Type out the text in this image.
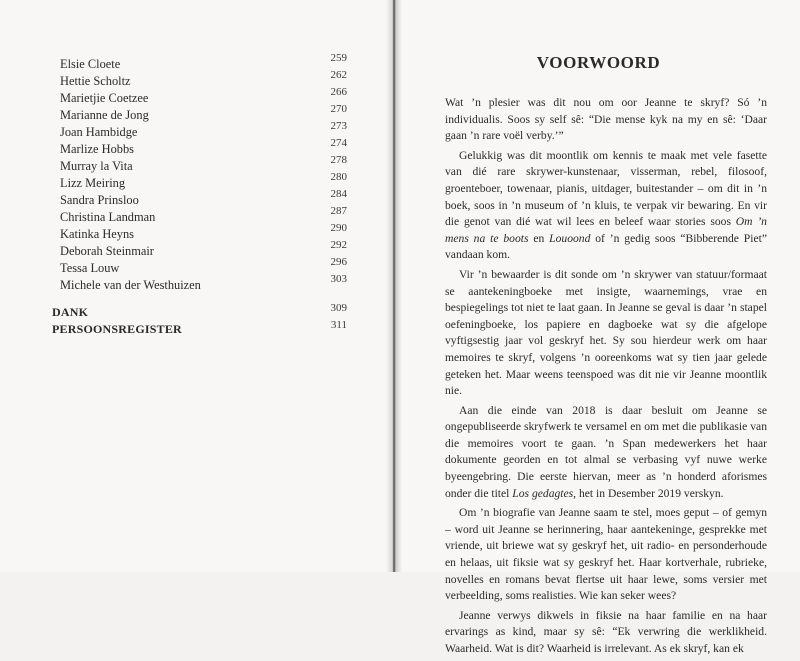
Elsie Cloete	259
Hettie Scholtz	262
Marietjie Coetzee	266
Marianne de Jong	270
Joan Hambidge	273
Marlize Hobbs	274
Murray la Vita	278
Lizz Meiring	280
Sandra Prinsloo	284
Christina Landman	287
Katinka Heyns	290
Deborah Steinmair	292
Tessa Louw	296
Michele van der Westhuizen	303
DANK	309
PERSOONSREGISTER	311
VOORWOORD

Wat ’n plesier was dit nou om oor Jeanne te skryf? Só ’n individualis. Soos sy self sê: “Die mense kyk na my en sê: ‘Daar gaan ’n rare voël verby.’”

Gelukkig was dit moontlik om kennis te maak met vele fasette van dié rare skrywer-kunstenaar, visserman, rebel, filosoof, groenteboer, towenaar, pianis, uitdager, buitestander – om dit in ’n boek, soos in ’n museum of ’n kluis, te verpak vir bewaring. En vir die genot van dié wat wil lees en beleef waar stories soos Om ’n mens na te boots en Louoond of ’n gedig soos “Bibberende Piet” vandaan kom.

Vir ’n bewaarder is dit sonde om ’n skrywer van statuur/formaat se aantekeningboeke met insigte, waarnemings, vrae en bespiegelings tot niet te laat gaan. In Jeanne se geval is daar ’n stapel oefeningboeke, los papiere en dagboeke wat sy die afgelope vyftigsestig jaar vol geskryf het. Sy sou hierdeur werk om haar memoires te skryf, volgens ’n ooreenkoms wat sy tien jaar gelede geteken het. Maar weens teenspoed was dit nie vir Jeanne moontlik nie.

Aan die einde van 2018 is daar besluit om Jeanne se ongepubliseerde skryfwerk te versamel en om met die publikasie van die memoires voort te gaan. ’n Span medewerkers het haar dokumente georden en tot almal se verbasing vyf nuwe werke byeengebring. Die eerste hiervan, meer as ’n honderd aforismes onder die titel Los gedagtes, het in Desember 2019 verskyn.

Om ’n biografie van Jeanne saam te stel, moes geput – of gemyn – word uit Jeanne se herinnering, haar aantekeninge, gesprekke met vriende, uit briewe wat sy geskryf het, uit radio- en personderhoude en helaas, uit fiksie wat sy geskryf het. Haar kortverhale, rubrieke, novelles en romans bevat flertse uit haar lewe, soms versier met verbeelding, soms realisties. Wie kan seker wees?

Jeanne verwys dikwels in fiksie na haar familie en na haar ervarings as kind, maar sy sê: “Ek verwring die werklikheid. Waarheid. Wat is dit? Waarheid is irrelevant. As ek skryf, kan ek
